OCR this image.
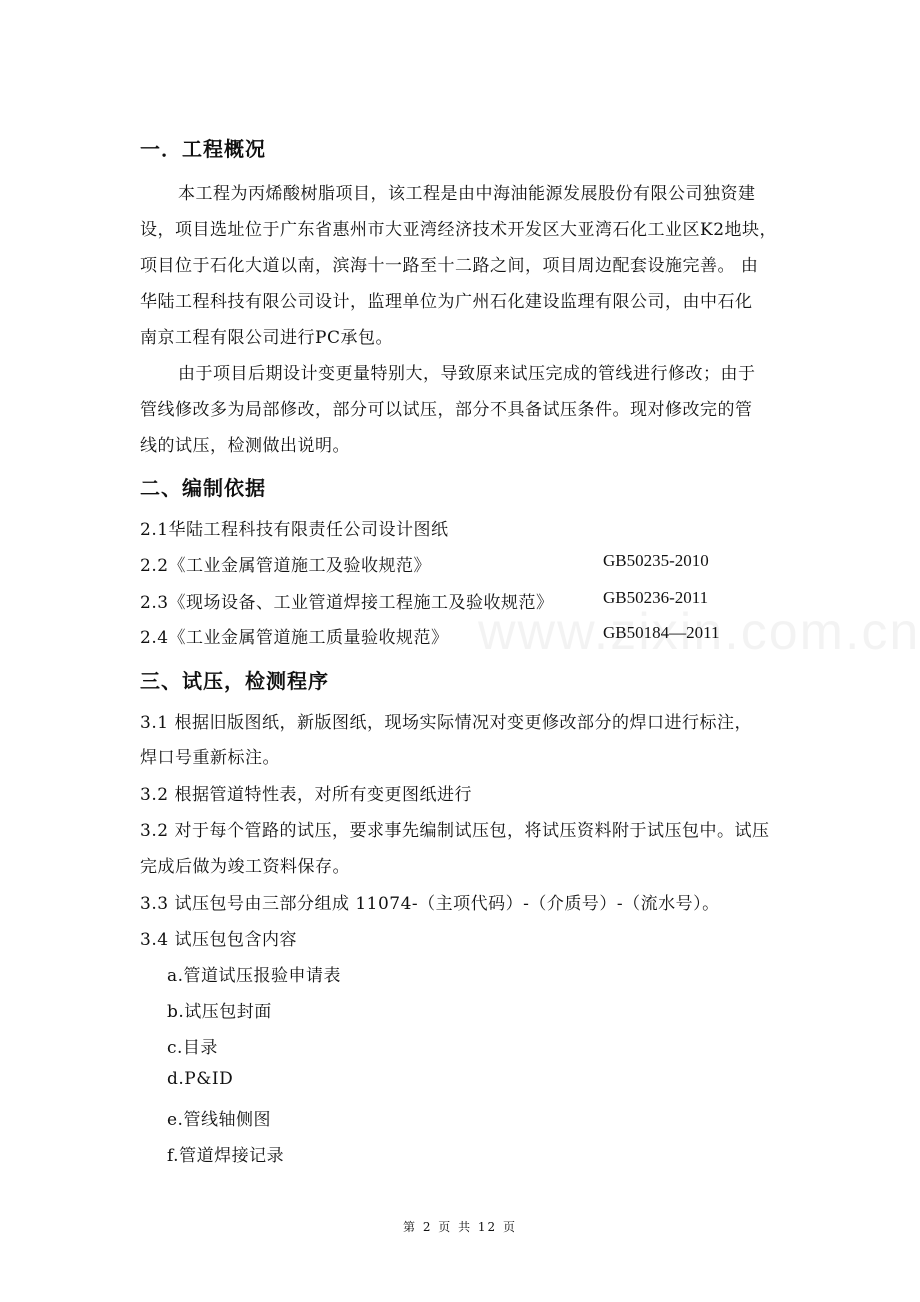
一．工程概况
本工程为丙烯酸树脂项目，该工程是由中海油能源发展股份有限公司独资建
设，项目选址位于广东省惠州市大亚湾经济技术开发区大亚湾石化工业区K2地块，
项目位于石化大道以南，滨海十一路至十二路之间，项目周边配套设施完善。 由
华陆工程科技有限公司设计，监理单位为广州石化建设监理有限公司，由中石化
南京工程有限公司进行PC承包。
由于项目后期设计变更量特别大，导致原来试压完成的管线进行修改；由于
管线修改多为局部修改，部分可以试压，部分不具备试压条件。现对修改完的管
线的试压，检测做出说明。
二、编制依据
2.1华陆工程科技有限责任公司设计图纸
2.2《工业金属管道施工及验收规范》	GB50235-2010
2.3《现场设备、工业管道焊接工程施工及验收规范》	GB50236-2011
2.4《工业金属管道施工质量验收规范》	GB50184—2011
三、试压，检测程序
3.1 根据旧版图纸，新版图纸，现场实际情况对变更修改部分的焊口进行标注，
焊口号重新标注。
3.2 根据管道特性表，对所有变更图纸进行
3.2 对于每个管路的试压，要求事先编制试压包，将试压资料附于试压包中。试压
完成后做为竣工资料保存。
3.3 试压包号由三部分组成 11074-（主项代码）-（介质号）-（流水号）。
3.4 试压包包含内容
a.管道试压报验申请表
b.试压包封面
c.目录
d.P&ID
e.管线轴侧图
f.管道焊接记录
第 2 页 共 12 页
